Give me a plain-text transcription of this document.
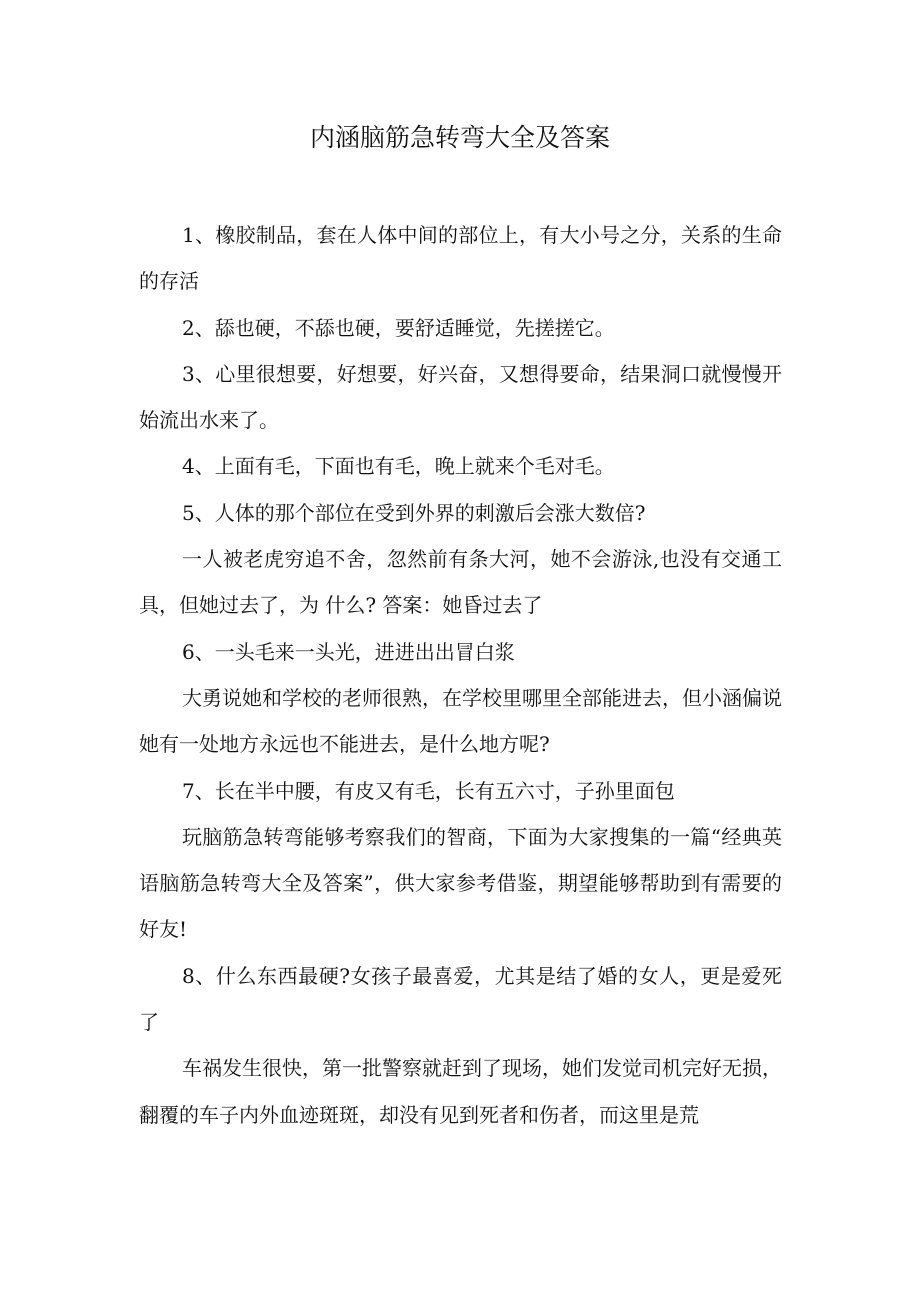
内涵脑筋急转弯大全及答案

1、橡胶制品，套在人体中间的部位上，有大小号之分，关系的生命的存活

2、舔也硬，不舔也硬，要舒适睡觉，先搓搓它。

3、心里很想要，好想要，好兴奋，又想得要命，结果洞口就慢慢开始流出水来了。

4、上面有毛，下面也有毛，晚上就来个毛对毛。

5、人体的那个部位在受到外界的刺激后会涨大数倍?

一人被老虎穷追不舍，忽然前有条大河，她不会游泳,也没有交通工具，但她过去了，为 什么? 答案：她昏过去了

6、一头毛来一头光，进进出出冒白浆

大勇说她和学校的老师很熟，在学校里哪里全部能进去，但小涵偏说她有一处地方永远也不能进去，是什么地方呢?

7、长在半中腰，有皮又有毛，长有五六寸，子孙里面包

玩脑筋急转弯能够考察我们的智商，下面为大家搜集的一篇“经典英语脑筋急转弯大全及答案”，供大家参考借鉴，期望能够帮助到有需要的好友!

8、什么东西最硬?女孩子最喜爱，尤其是结了婚的女人，更是爱死了

车祸发生很快，第一批警察就赶到了现场，她们发觉司机完好无损，翻覆的车子内外血迹斑斑，却没有见到死者和伤者，而这里是荒
